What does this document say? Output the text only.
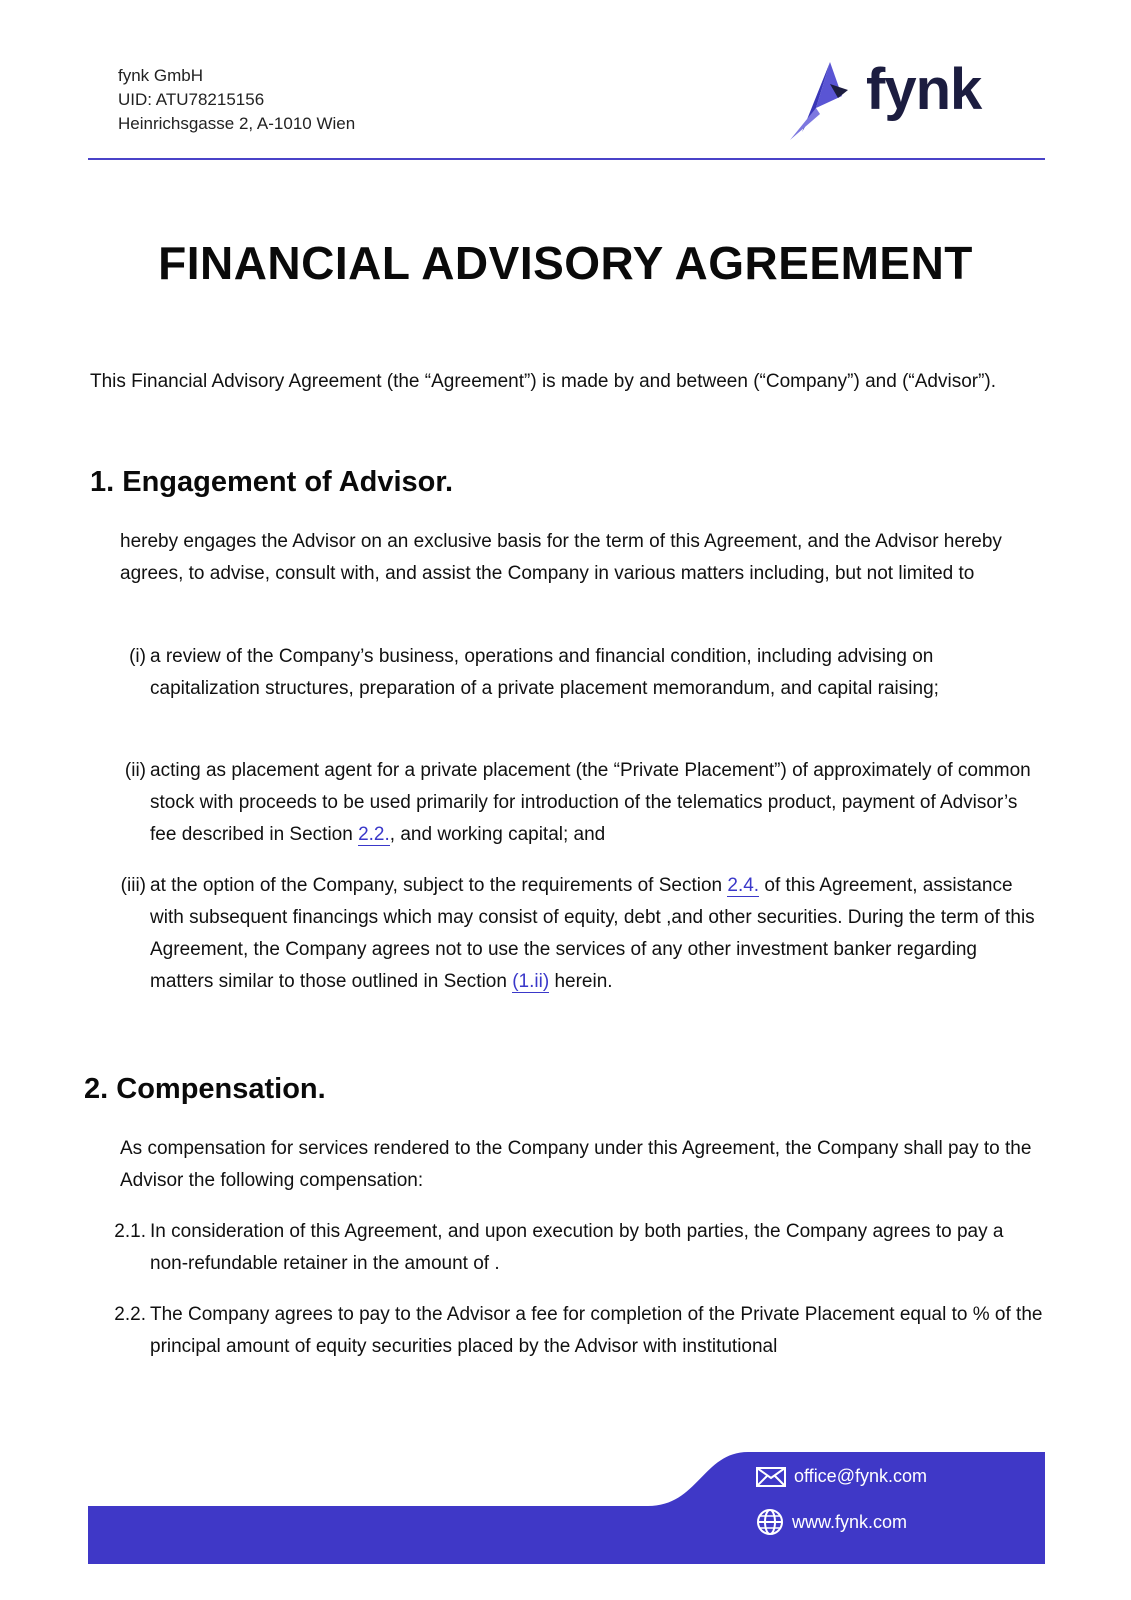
fynk GmbH
UID: ATU78215156
Heinrichsgasse 2, A-1010 Wien
fynk
FINANCIAL ADVISORY AGREEMENT

This Financial Advisory Agreement (the “Agreement”) is made by and between (“Company”) and (“Advisor”).

1. Engagement of Advisor.

hereby engages the Advisor on an exclusive basis for the term of this Agreement, and the Advisor hereby agrees, to advise, consult with, and assist the Company in various matters including, but not limited to

(i) a review of the Company’s business, operations and financial condition, including advising on capitalization structures, preparation of a private placement memorandum, and capital raising;
(ii) acting as placement agent for a private placement (the “Private Placement”) of approximately of common stock with proceeds to be used primarily for introduction of the telematics product, payment of Advisor’s fee described in Section 2.2., and working capital; and
(iii) at the option of the Company, subject to the requirements of Section 2.4. of this Agreement, assistance with subsequent financings which may consist of equity, debt ,and other securities. During the term of this Agreement, the Company agrees not to use the services of any other investment banker regarding matters similar to those outlined in Section (1.ii) herein.
2. Compensation.

As compensation for services rendered to the Company under this Agreement, the Company shall pay to the Advisor the following compensation:

2.1. In consideration of this Agreement, and upon execution by both parties, the Company agrees to pay a non-refundable retainer in the amount of .
2.2. The Company agrees to pay to the Advisor a fee for completion of the Private Placement equal to % of the principal amount of equity securities placed by the Advisor with institutional
office@fynk.com
www.fynk.com
